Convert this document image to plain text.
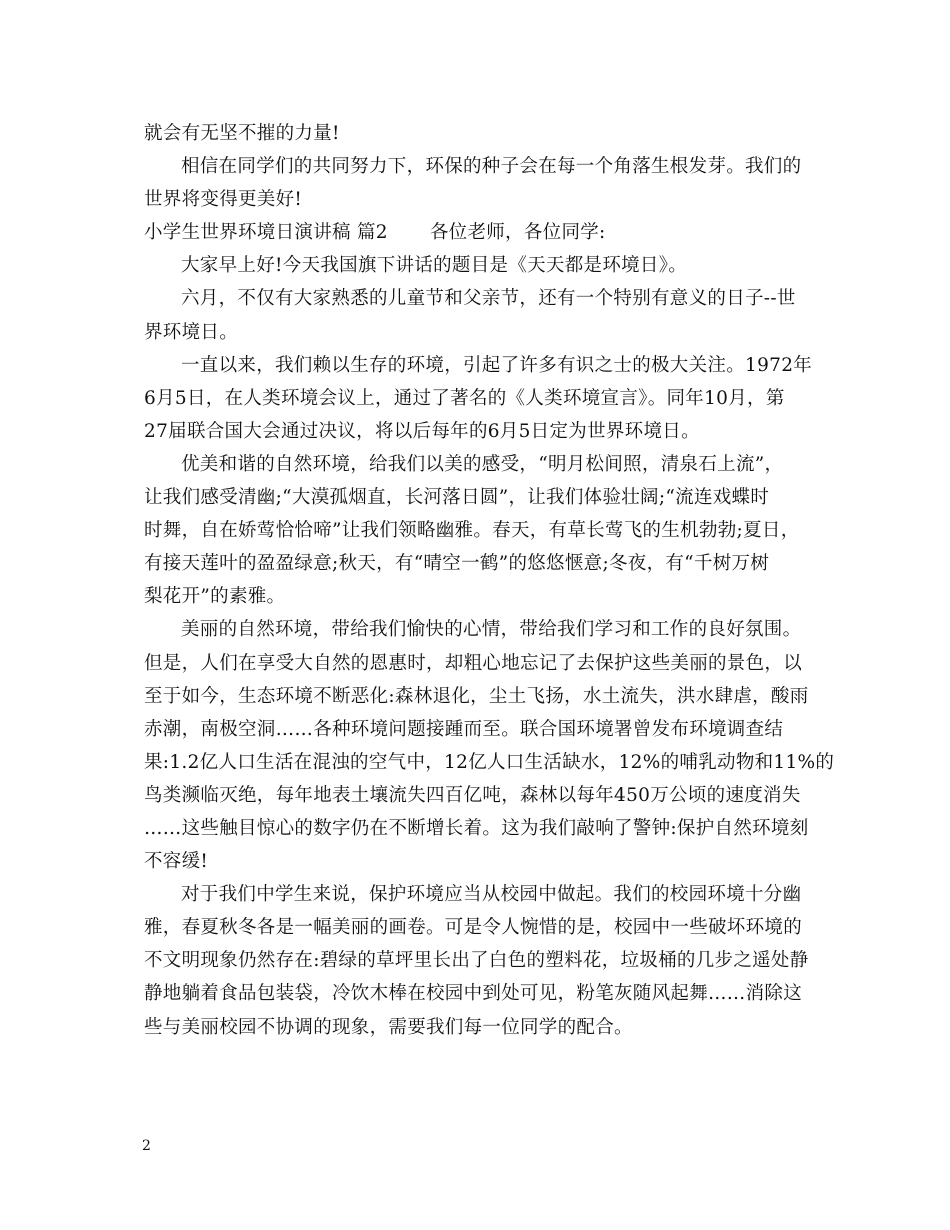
就会有无坚不摧的力量!
相信在同学们的共同努力下，环保的种子会在每一个角落生根发芽。我们的
世界将变得更美好!
小学生世界环境日演讲稿 篇2 各位老师，各位同学:
大家早上好!今天我国旗下讲话的题目是《天天都是环境日》。
六月，不仅有大家熟悉的儿童节和父亲节，还有一个特别有意义的日子--世
界环境日。
一直以来，我们赖以生存的环境，引起了许多有识之士的极大关注。1972年
6月5日，在人类环境会议上，通过了著名的《人类环境宣言》。同年10月，第
27届联合国大会通过决议，将以后每年的6月5日定为世界环境日。
优美和谐的自然环境，给我们以美的感受，“明月松间照，清泉石上流”，
让我们感受清幽;“大漠孤烟直，长河落日圆”，让我们体验壮阔;“流连戏蝶时
时舞，自在娇莺恰恰啼”让我们领略幽雅。春天，有草长莺飞的生机勃勃;夏日，
有接天莲叶的盈盈绿意;秋天，有“晴空一鹤”的悠悠惬意;冬夜，有“千树万树
梨花开”的素雅。
美丽的自然环境，带给我们愉快的心情，带给我们学习和工作的良好氛围。
但是，人们在享受大自然的恩惠时，却粗心地忘记了去保护这些美丽的景色，以
至于如今，生态环境不断恶化:森林退化，尘土飞扬，水土流失，洪水肆虐，酸雨
赤潮，南极空洞……各种环境问题接踵而至。联合国环境署曾发布环境调查结
果:1.2亿人口生活在混浊的空气中，12亿人口生活缺水，12%的哺乳动物和11%的
鸟类濒临灭绝，每年地表土壤流失四百亿吨，森林以每年450万公顷的速度消失
……这些触目惊心的数字仍在不断增长着。这为我们敲响了警钟:保护自然环境刻
不容缓!
对于我们中学生来说，保护环境应当从校园中做起。我们的校园环境十分幽
雅，春夏秋冬各是一幅美丽的画卷。可是令人惋惜的是，校园中一些破坏环境的
不文明现象仍然存在:碧绿的草坪里长出了白色的塑料花，垃圾桶的几步之遥处静
静地躺着食品包装袋，冷饮木棒在校园中到处可见，粉笔灰随风起舞……消除这
些与美丽校园不协调的现象，需要我们每一位同学的配合。
2
